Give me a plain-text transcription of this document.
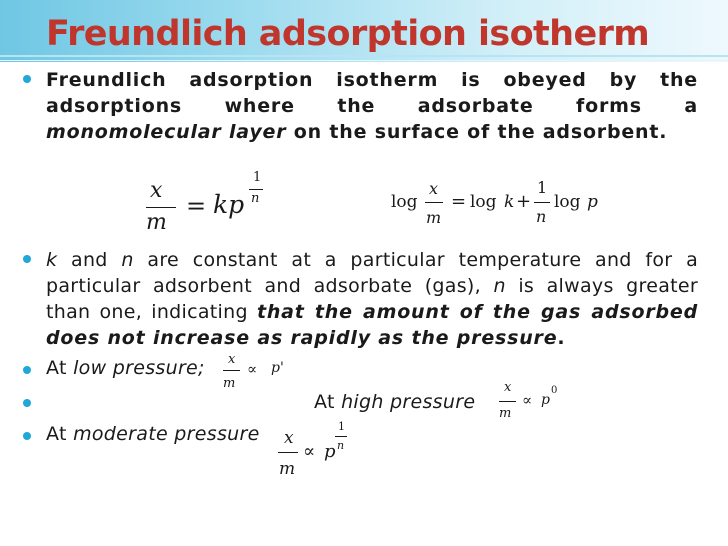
Freundlich adsorption isotherm
Freundlich adsorption isotherm is obeyed by the adsorptions where the adsorbate forms a monomolecular layer on the surface of the adsorbent.
x
m
= kp
1
n	log
x
m
= log k +
1
n
log p
k and n are constant at a particular temperature and for a particular adsorbent and adsorbate (gas), n is always greater than one, indicating that the amount of the gas adsorbed does not increase as rapidly as the pressure.
At low pressure; x
m
∝ p'
At high pressure
x
m
∝ p
0
At moderate pressure x
m
∝ p
1
n
